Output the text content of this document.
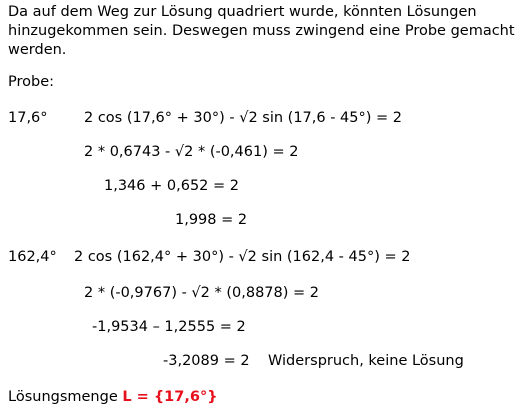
Da auf dem Weg zur Lösung quadriert wurde, könnten Lösungen hinzugekommen sein. Deswegen muss zwingend eine Probe gemacht werden.

Probe:
17,6°	2 cos (17,6° + 30°) - √2 sin (17,6 - 45°) = 2
2 * 0,6743 - √2 * (-0,461) = 2
1,346 + 0,652 = 2
1,998 = 2
162,4° 2 cos (162,4° + 30°) - √2 sin (162,4 - 45°) = 2
2 * (-0,9767) - √2 * (0,8878) = 2
-1,9534 – 1,2555 = 2
-3,2089 = 2 Widerspruch, keine Lösung
Lösungsmenge L = {17,6°}
